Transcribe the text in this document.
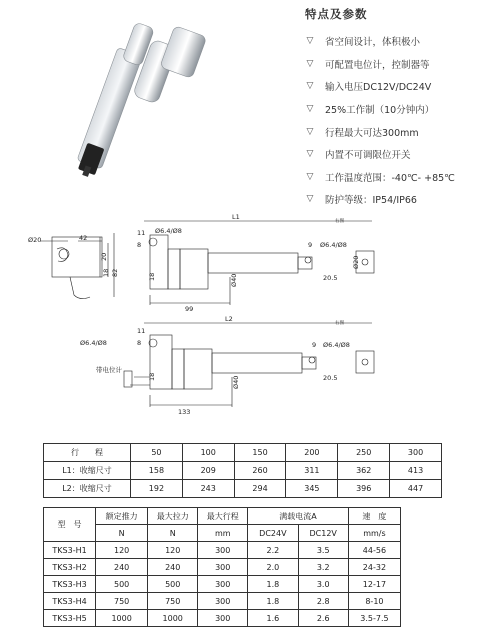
特点及参数
▽ 省空间设计，体积极小
▽ 可配置电位计，控制器等
▽ 输入电压DC12V/DC24V
▽ 25%工作制（10分钟内）
▽ 行程最大可达300mm
▽ 内置不可调限位开关
▽ 工作温度范围：-40℃- +85℃
▽ 防护等级：IP54/IP66
Ø20	42
20
18 82
L1
Ø6.4/Ø8
11
8
99
18	Ø40
Ø6.4/Ø8
9
20.5
Ø20
右图
L2
Ø6.4/Ø8
11
8
带电位计
133
18	Ø40
Ø6.4/Ø8
9
20.5
右图
行　　程	50	100	150	200	250	300
L1：收缩尺寸	158	209	260	311	362	413
L2：收缩尺寸	192	243	294	345	396	447
型　号	额定推力	最大拉力	最大行程	满载电流A		速　度
	N	N	mm	DC24V	DC12V	mm/s
TKS3-H1	120	120	300	2.2	3.5	44-56
TKS3-H2	240	240	300	2.0	3.2	24-32
TKS3-H3	500	500	300	1.8	3.0	12-17
TKS3-H4	750	750	300	1.8	2.8	8-10
TKS3-H5	1000	1000	300	1.6	2.6	3.5-7.5
